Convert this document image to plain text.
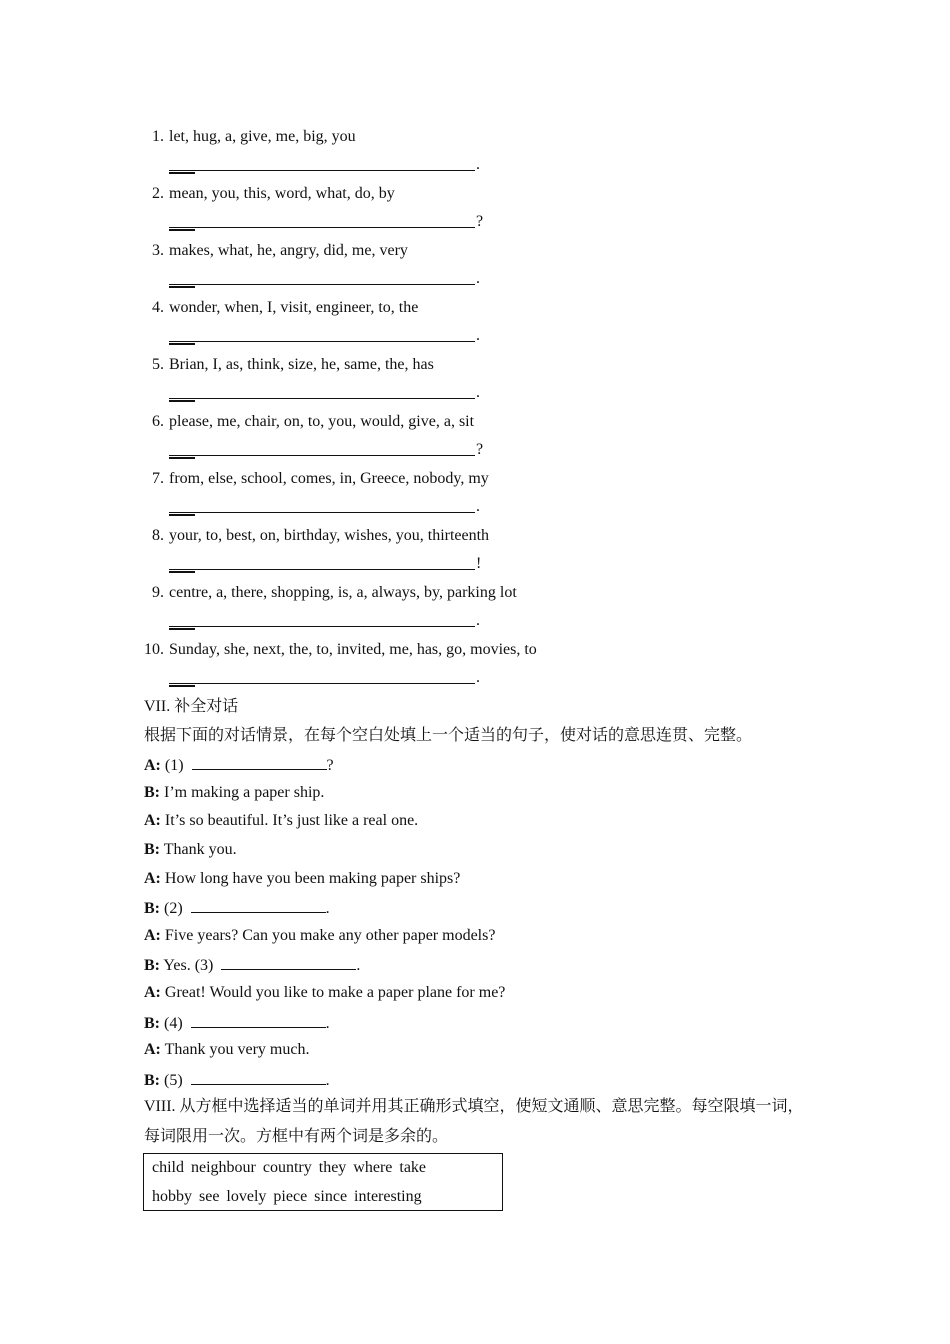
1. let, hug, a, give, me, big, you
.
2. mean, you, this, word, what, do, by
?
3. makes, what, he, angry, did, me, very
.
4. wonder, when, I, visit, engineer, to, the
.
5. Brian, I, as, think, size, he, same, the, has
.
6. please, me, chair, on, to, you, would, give, a, sit
?
7. from, else, school, comes, in, Greece, nobody, my
.
8. your, to, best, on, birthday, wishes, you, thirteenth
!
9. centre, a, there, shopping, is, a, always, by, parking lot
.
10. Sunday, she, next, the, to, invited, me, has, go, movies, to
.
VII. 补全对话
根据下面的对话情景，在每个空白处填上一个适当的句子，使对话的意思连贯、完整。
A: (1)	?
B: I’m making a paper ship.
A: It’s so beautiful. It’s just like a real one.
B: Thank you.
A: How long have you been making paper ships?
B: (2)	.
A: Five years? Can you make any other paper models?
B: Yes. (3)	.
A: Great! Would you like to make a paper plane for me?
B: (4)	.
A: Thank you very much.
B: (5)	.
VIII. 从方框中选择适当的单词并用其正确形式填空，使短文通顺、意思完整。每空限填一词，
每词限用一次。方框中有两个词是多余的。
child neighbour country they where take
hobby see lovely piece since interesting
